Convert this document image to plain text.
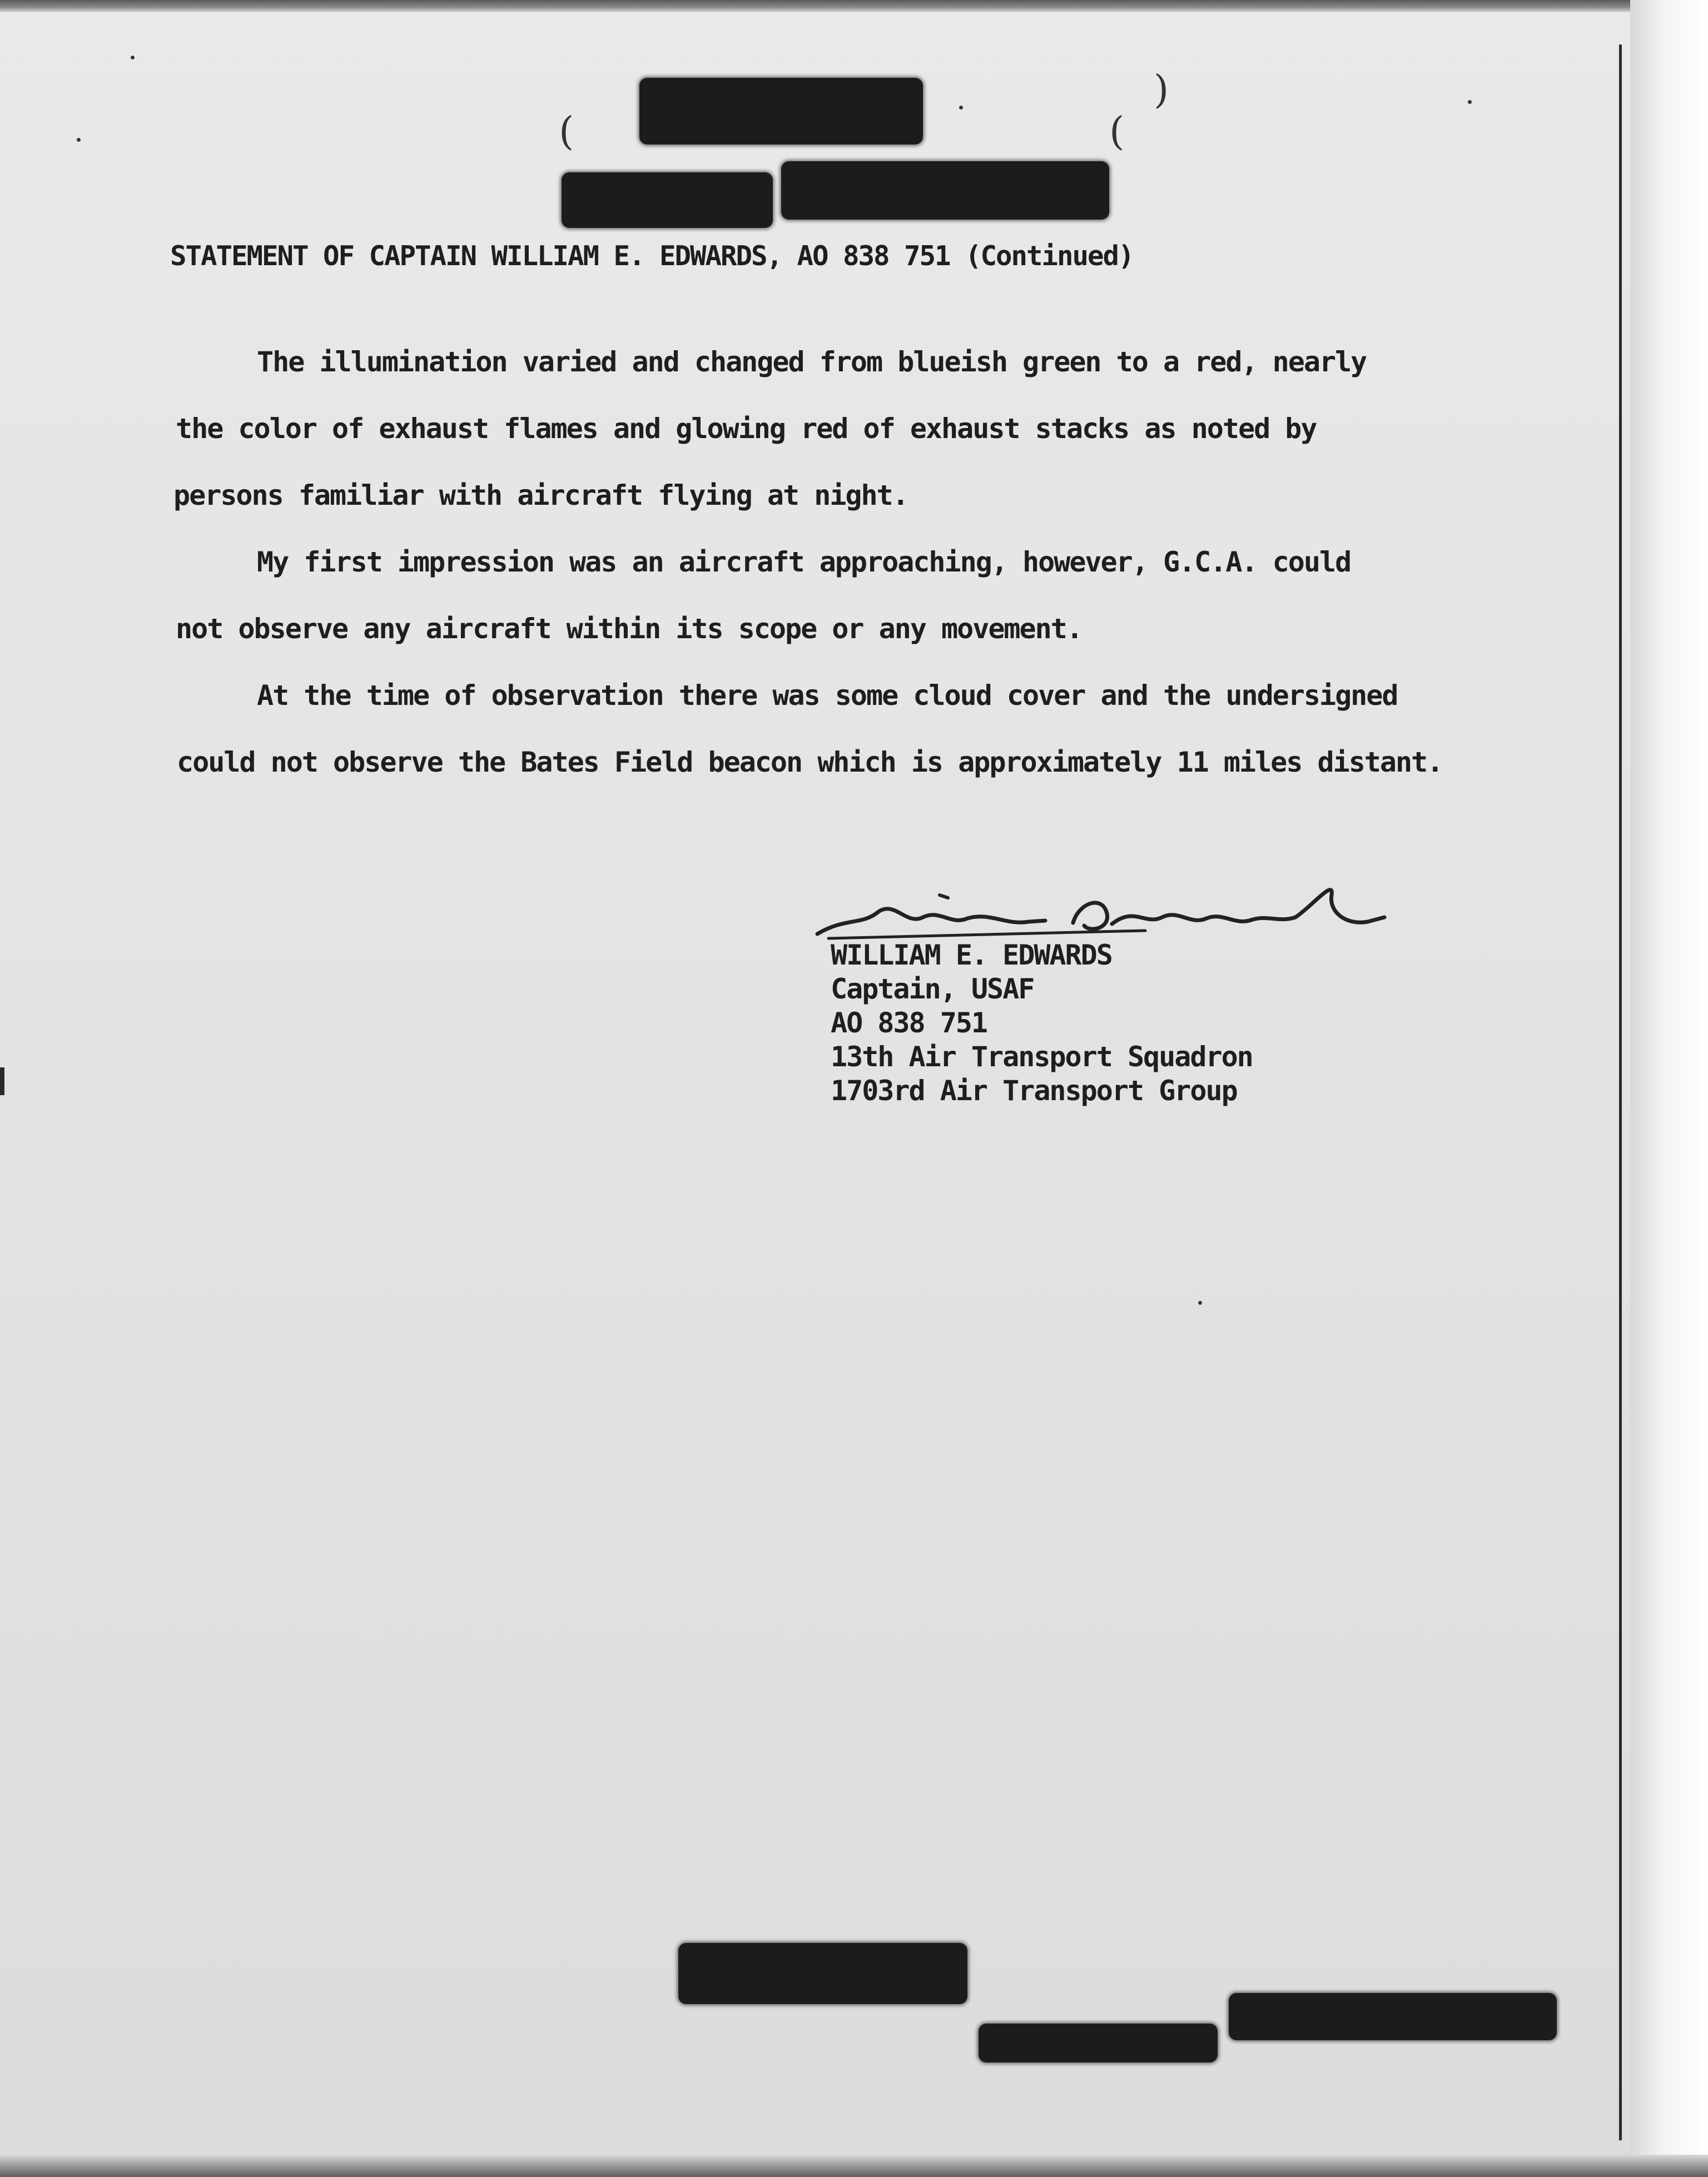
(	(
)
STATEMENT OF CAPTAIN WILLIAM E. EDWARDS, AO 838 751 (Continued)
The illumination varied and changed from blueish green to a red, nearly
the color of exhaust flames and glowing red of exhaust stacks as noted by
persons familiar with aircraft flying at night.
My first impression was an aircraft approaching, however, G.C.A. could
not observe any aircraft within its scope or any movement.
At the time of observation there was some cloud cover and the undersigned
could not observe the Bates Field beacon which is approximately 11 miles distant.
WILLIAM E. EDWARDS
Captain, USAF
AO 838 751
13th Air Transport Squadron
1703rd Air Transport Group
